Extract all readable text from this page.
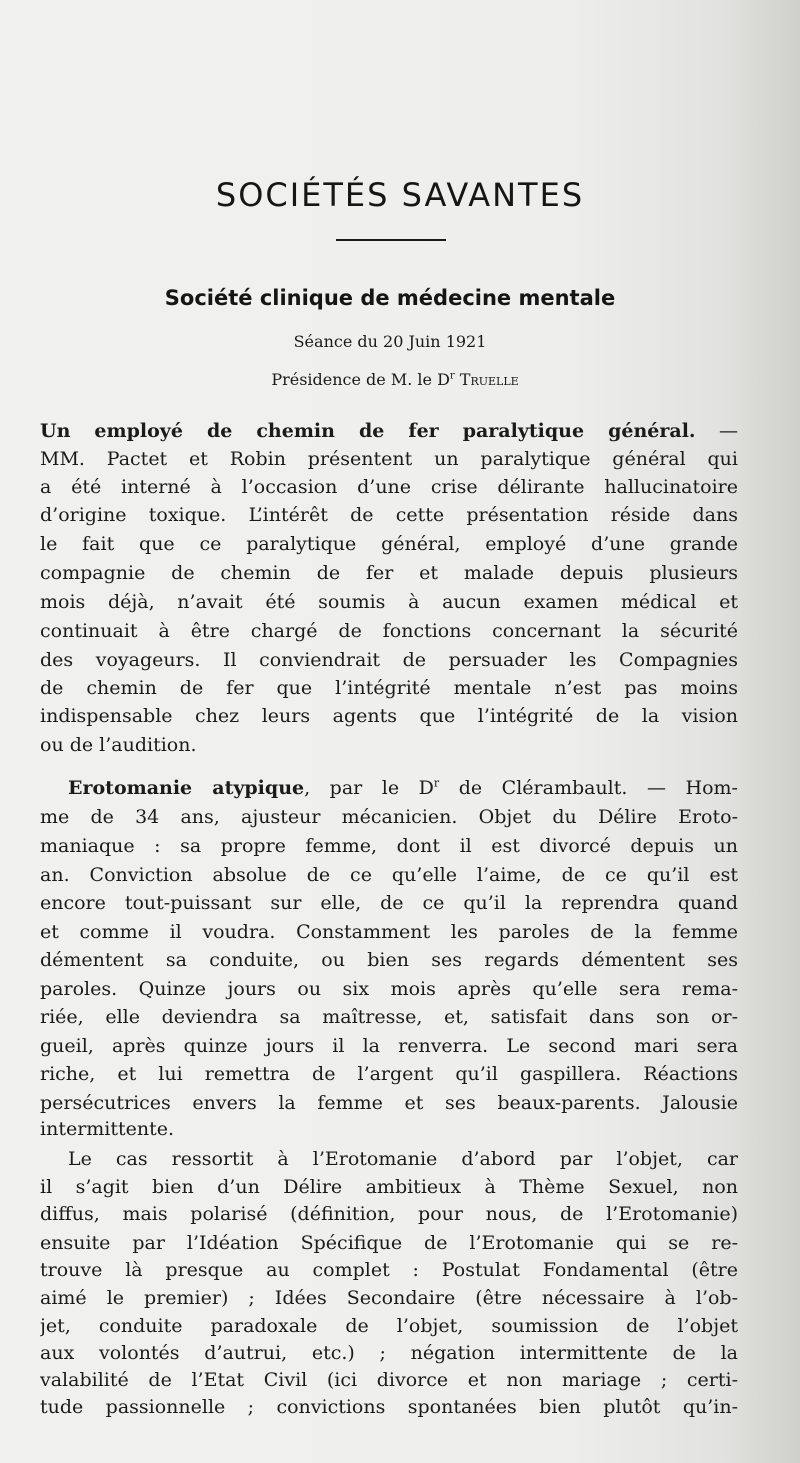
SOCIÉTÉS SAVANTES
Société clinique de médecine mentale
Séance du 20 Juin 1921
Présidence de M. le $D^r$ Truelle
Un employé de chemin de fer paralytique général. —
MM. Pactet et Robin présentent un paralytique général qui
a été interné à l’occasion d’une crise délirante hallucinatoire
d’origine toxique. L’intérêt de cette présentation réside dans
le fait que ce paralytique général, employé d’une grande
compagnie de chemin de fer et malade depuis plusieurs
mois déjà, n’avait été soumis à aucun examen médical et
continuait à être chargé de fonctions concernant la sécurité
des voyageurs. Il conviendrait de persuader les Compagnies
de chemin de fer que l’intégrité mentale n’est pas moins
indispensable chez leurs agents que l’intégrité de la vision
ou de l’audition.
Erotomanie atypique, par le $D^r$ de Clérambault. — Hom-
me de 34 ans, ajusteur mécanicien. Objet du Délire Eroto-
maniaque : sa propre femme, dont il est divorcé depuis un
an. Conviction absolue de ce qu’elle l’aime, de ce qu’il est
encore tout-puissant sur elle, de ce qu’il la reprendra quand
et comme il voudra. Constamment les paroles de la femme
démentent sa conduite, ou bien ses regards démentent ses
paroles. Quinze jours ou six mois après qu’elle sera rema-
riée, elle deviendra sa maîtresse, et, satisfait dans son or-
gueil, après quinze jours il la renverra. Le second mari sera
riche, et lui remettra de l’argent qu’il gaspillera. Réactions
persécutrices envers la femme et ses beaux-parents. Jalousie
intermittente.
Le cas ressortit à l’Erotomanie d’abord par l’objet, car
il s’agit bien d’un Délire ambitieux à Thème Sexuel, non
diffus, mais polarisé (définition, pour nous, de l’Erotomanie)
ensuite par l’Idéation Spécifique de l’Erotomanie qui se re-
trouve là presque au complet : Postulat Fondamental (être
aimé le premier) ; Idées Secondaire (être nécessaire à l’ob-
jet, conduite paradoxale de l’objet, soumission de l’objet
aux volontés d’autrui, etc.) ; négation intermittente de la
valabilité de l’Etat Civil (ici divorce et non mariage ; certi-
tude passionnelle ; convictions spontanées bien plutôt qu’in-
